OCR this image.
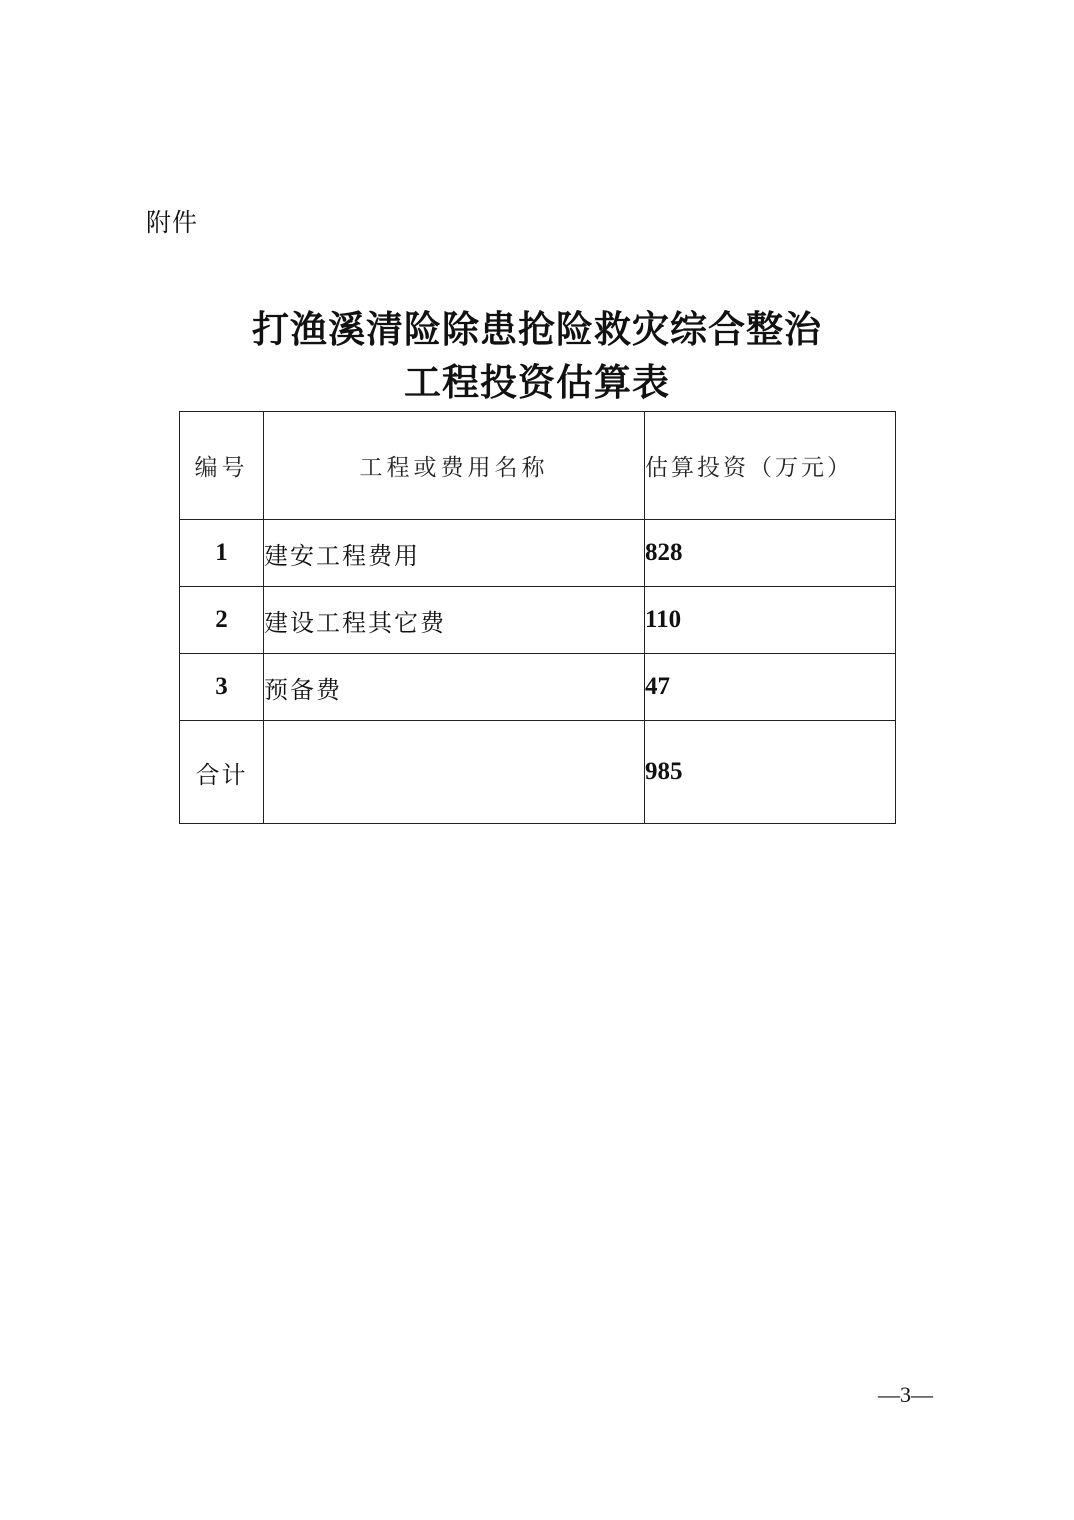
附件
打渔溪清险除患抢险救灾综合整治
工程投资估算表
编号	工程或费用名称	估算投资（万元）
1	建安工程费用	828
2	建设工程其它费	110
3	预备费	47
合计		985
—3—
